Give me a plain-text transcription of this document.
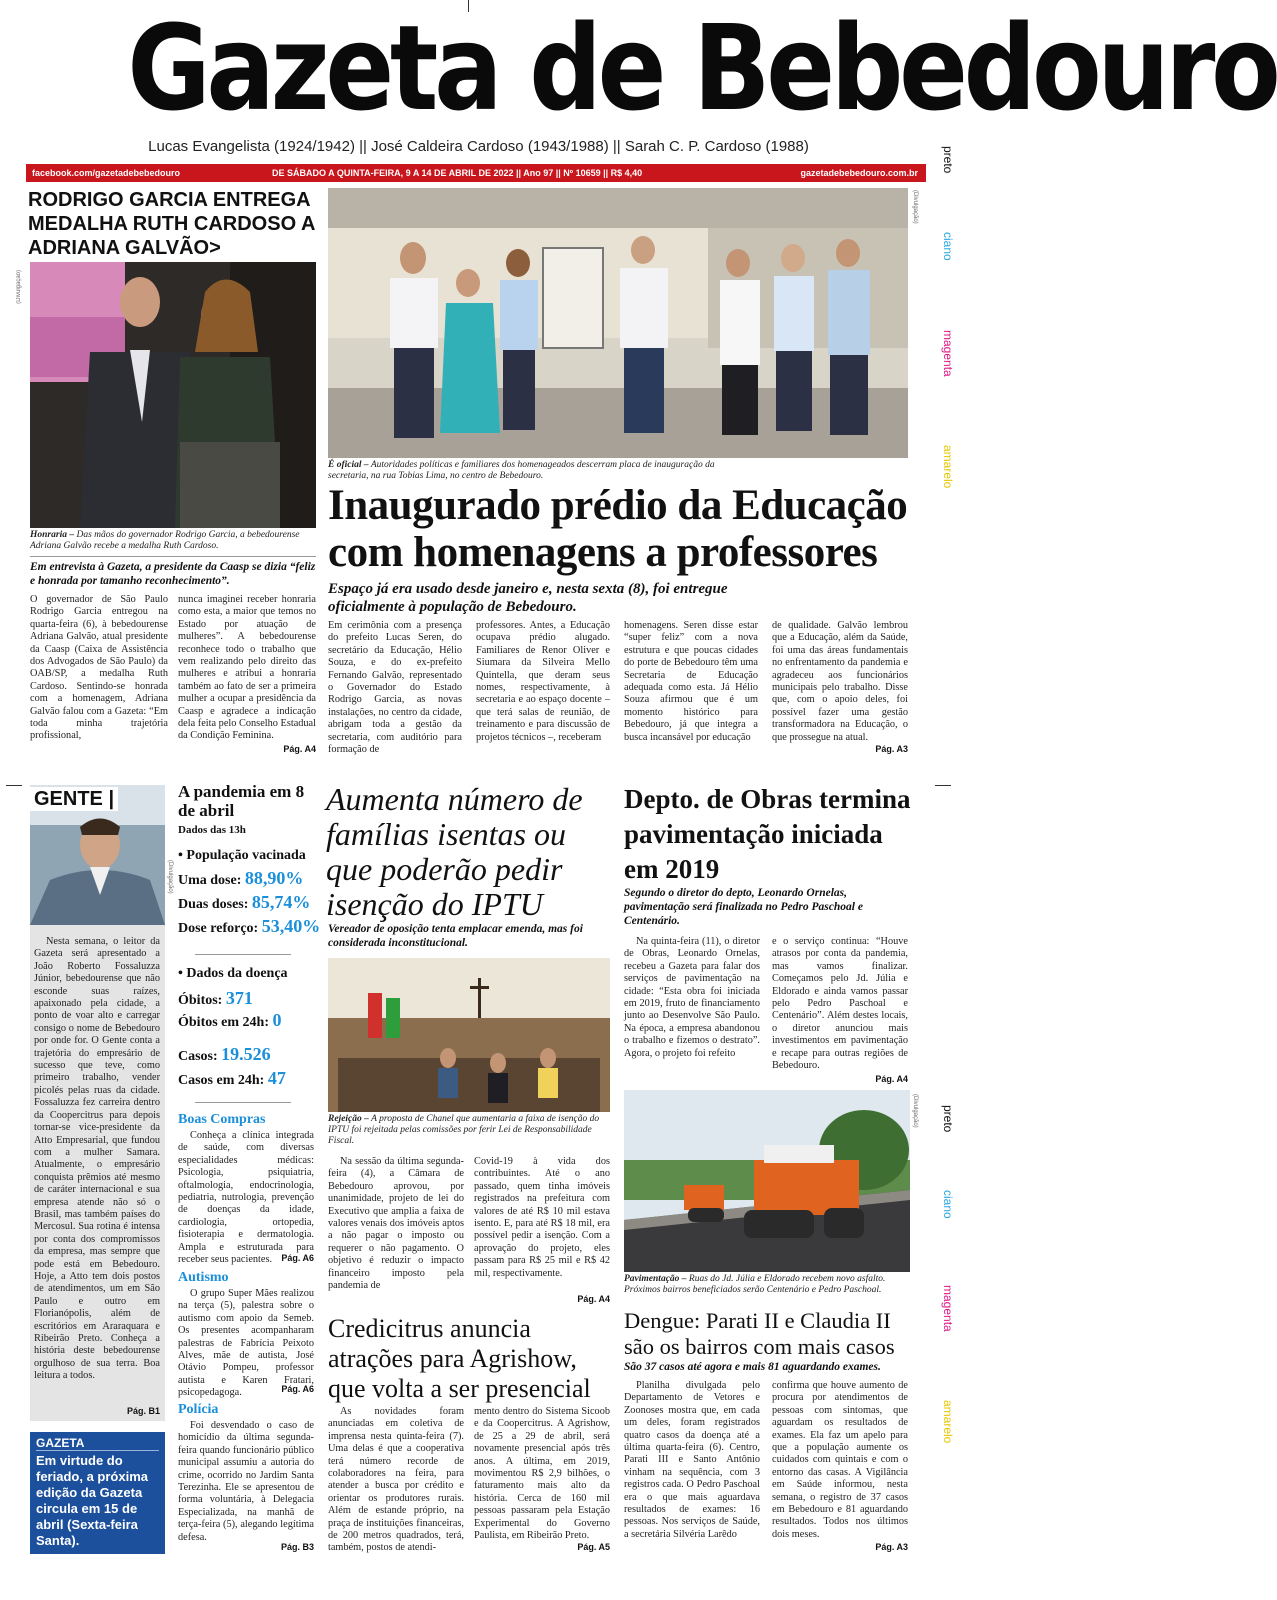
Gazeta de Bebedouro
Lucas Evangelista (1924/1942) || José Caldeira Cardoso (1943/1988) || Sarah C. P. Cardoso (1988)
facebook.com/gazetadebebedouro	DE SÁBADO A QUINTA-FEIRA, 9 A 14 DE ABRIL DE 2022 || Ano 97 || Nº 10659 || R$ 4,40	gazetadebebedouro.com.br	preto
ciano
magenta
amarelo
preto
ciano
magenta
amarelo
RODRIGO GARCIA ENTREGA MEDALHA RUTH CARDOSO A ADRIANA GALVÃO>
(Divulgação)
Honraria – Das mãos do governador Rodrigo Garcia, a bebedourense Adriana Galvão recebe a medalha Ruth Cardoso.
Em entrevista à Gazeta, a presidente da Caasp se dizia “feliz e honrada por tamanho reconhecimento”.
O governador de São Paulo Rodrigo Garcia entregou na quarta-feira (6), à bebedourense Adriana Galvão, atual presidente da Caasp (Caixa de Assistência dos Advogados de São Paulo) da OAB/SP, a medalha Ruth Cardoso. Sentindo-se honrada com a homenagem, Adriana Galvão falou com a Gazeta: “Em toda minha trajetória profissional,
nunca imaginei receber honraria como esta, a maior que temos no Estado por atuação de mulheres”. A bebedourense reconhece todo o trabalho que vem realizando pelo direito das mulheres e atribui a honraria também ao fato de ser a primeira mulher a ocupar a presidência da Caasp e agradece a indicação dela feita pelo Conselho Estadual da Condição Feminina.
Pág. A4
(Divulgação)
É oficial – Autoridades políticas e familiares dos homenageados descerram placa de inauguração da secretaria, na rua Tobias Lima, no centro de Bebedouro.
Inaugurado prédio da Educação com homenagens a professores
Espaço já era usado desde janeiro e, nesta sexta (8), foi entregue oficialmente à população de Bebedouro.
Em cerimônia com a presença do prefeito Lucas Seren, do secretário da Educação, Hélio Souza, e do ex-prefeito Fernando Galvão, representado o Governador do Estado Rodrigo Garcia, as novas instalações, no centro da cidade, abrigam toda a gestão da secretaria, com auditório para formação de
professores. Antes, a Educação ocupava prédio alugado. Familiares de Renor Oliver e Siumara da Silveira Mello Quintella, que deram seus nomes, respectivamente, à secretaria e ao espaço docente – que terá salas de reunião, de treinamento e para discussão de projetos técnicos –, receberam
homenagens. Seren disse estar “super feliz” com a nova estrutura e que poucas cidades do porte de Bebedouro têm uma Secretaria de Educação adequada como esta. Já Hélio Souza afirmou que é um momento histórico para Bebedouro, já que integra a busca incansável por educação
de qualidade. Galvão lembrou que a Educação, além da Saúde, foi uma das áreas fundamentais no enfrentamento da pandemia e agradeceu aos funcionários municipais pelo trabalho. Disse que, com o apoio deles, foi possível fazer uma gestão transformadora na Educação, o que prossegue na atual.
Pág. A3
GENTE |
(Divulgação)
Nesta semana, o leitor da Gazeta será apresentado a João Roberto Fossaluzza Júnior, bebedourense que não esconde suas raízes, apaixonado pela cidade, a ponto de voar alto e carregar consigo o nome de Bebedouro por onde for. O Gente conta a trajetória do empresário de sucesso que teve, como primeiro trabalho, vender picolés pelas ruas da cidade. Fossaluzza fez carreira dentro da Coopercitrus para depois tornar-se vice-presidente da Atto Empresarial, que fundou com a mulher Samara. Atualmente, o empresário conquista prêmios até mesmo de caráter internacional e sua empresa atende não só o Brasil, mas também países do Mercosul. Sua rotina é intensa por conta dos compromissos da empresa, mas sempre que pode está em Bebedouro. Hoje, a Atto tem dois postos de atendimentos, um em São Paulo e outro em Florianópolis, além de escritórios em Araraquara e Ribeirão Preto. Conheça a história deste bebedourense orgulhoso de sua terra. Boa leitura a todos.
Pág. B1
GAZETA
Em virtude do feriado, a próxima edição da Gazeta circula em 15 de abril (Sexta-feira Santa).
A pandemia em 8 de abril
Dados das 13h
• População vacinada
Uma dose: 88,90%
Duas doses: 85,74%
Dose reforço: 53,40%
• Dados da doença
Óbitos: 371
Óbitos em 24h: 0
Casos: 19.526
Casos em 24h: 47
Boas Compras
Conheça a clínica integrada de saúde, com diversas especialidades médicas: Psicologia, psiquiatria, oftalmologia, endocrinologia, pediatria, nutrologia, prevenção de doenças da idade, cardiologia, ortopedia, fisioterapia e dermatologia. Ampla e estruturada para receber seus pacientes.	Pág. A6
Autismo
O grupo Super Mães realizou na terça (5), palestra sobre o autismo com apoio da Semeb. Os presentes acompanharam palestras de Fabrícia Peixoto Alves, mãe de autista, José Otávio Pompeu, professor autista e Karen Fratari, psicopedagoga.	Pág. A6
Polícia
Foi desvendado o caso de homicídio da última segunda-feira quando funcionário público municipal assumiu a autoria do crime, ocorrido no Jardim Santa Terezinha. Ele se apresentou de forma voluntária, à Delegacia Especializada, na manhã de terça-feira (5), alegando legítima defesa.
Pág. B3
Aumenta número de famílias isentas ou que poderão pedir isenção do IPTU
Vereador de oposição tenta emplacar emenda, mas foi considerada inconstitucional.
Rejeição – A proposta de Chanel que aumentaria a faixa de isenção do IPTU foi rejeitada pelas comissões por ferir Lei de Responsabilidade Fiscal.
Na sessão da última segunda-feira (4), a Câmara de Bebedouro aprovou, por unanimidade, projeto de lei do Executivo que amplia a faixa de valores venais dos imóveis aptos a não pagar o imposto ou requerer o não pagamento. O objetivo é reduzir o impacto financeiro imposto pela pandemia de
Covid-19 à vida dos contribuintes. Até o ano passado, quem tinha imóveis registrados na prefeitura com valores de até R$ 10 mil estava isento. E, para até R$ 18 mil, era possível pedir a isenção. Com a aprovação do projeto, eles passam para R$ 25 mil e R$ 42 mil, respectivamente.
Pág. A4
Credicitrus anuncia atrações para Agrishow, que volta a ser presencial
As novidades foram anunciadas em coletiva de imprensa nesta quinta-feira (7). Uma delas é que a cooperativa terá número recorde de colaboradores na feira, para atender a busca por crédito e orientar os produtores rurais. Além de estande próprio, na praça de instituições financeiras, de 200 metros quadrados, terá, também, postos de atendi-
mento dentro do Sistema Sicoob e da Coopercitrus. A Agrishow, de 25 a 29 de abril, será novamente presencial após três anos. A última, em 2019, movimentou R$ 2,9 bilhões, o faturamento mais alto da história. Cerca de 160 mil pessoas passaram pela Estação Experimental do Governo Paulista, em Ribeirão Preto.
Pág. A5
Depto. de Obras termina pavimentação iniciada em 2019
Segundo o diretor do depto, Leonardo Ornelas, pavimentação será finalizada no Pedro Paschoal e Centenário.
Na quinta-feira (11), o diretor de Obras, Leonardo Ornelas, recebeu a Gazeta para falar dos serviços de pavimentação na cidade: “Esta obra foi iniciada em 2019, fruto de financiamento junto ao Desenvolve São Paulo. Na época, a empresa abandonou o trabalho e fizemos o destrato”. Agora, o projeto foi refeito
e o serviço continua: “Houve atrasos por conta da pandemia, mas vamos finalizar. Começamos pelo Jd. Júlia e Eldorado e ainda vamos passar pelo Pedro Paschoal e Centenário”. Além destes locais, o diretor anunciou mais investimentos em pavimentação e recape para outras regiões de Bebedouro.
Pág. A4
(Divulgação)
Pavimentação – Ruas do Jd. Júlia e Eldorado recebem novo asfalto. Próximos bairros beneficiados serão Centenário e Pedro Paschoal.
Dengue: Parati II e Claudia II são os bairros com mais casos
São 37 casos até agora e mais 81 aguardando exames.
Planilha divulgada pelo Departamento de Vetores e Zoonoses mostra que, em cada um deles, foram registrados quatro casos da doença até a última quarta-feira (6). Centro, Parati III e Santo Antônio vinham na sequência, com 3 registros cada. O Pedro Paschoal era o que mais aguardava resultados de exames: 16 pessoas. Nos serviços de Saúde, a secretária Silvéria Larêdo
confirma que houve aumento de procura por atendimentos de pessoas com sintomas, que aguardam os resultados de exames. Ela faz um apelo para que a população aumente os cuidados com quintais e com o entorno das casas. A Vigilância em Saúde informou, nesta semana, o registro de 37 casos em Bebedouro e 81 aguardando resultados. Todos nos últimos dois meses.
Pág. A3
